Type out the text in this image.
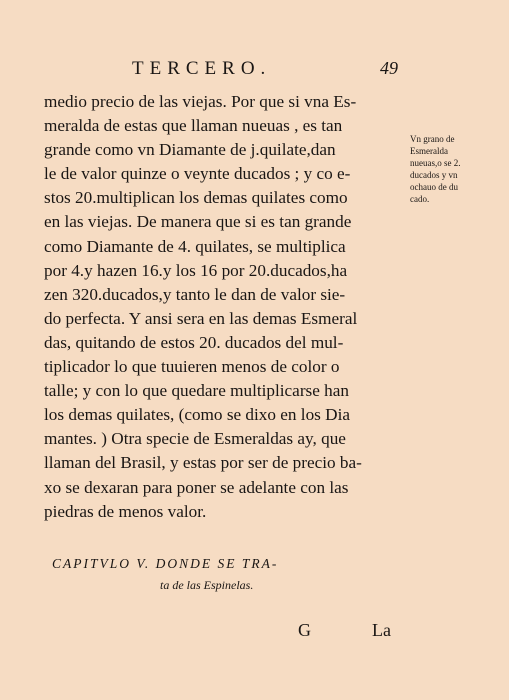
TERCERO.	49
medio precio de las viejas. Por que si vna Es-
meralda de estas que llaman nueuas , es tan
grande como vn Diamante de j.quilate,dan
le de valor quinze o veynte ducados ; y co e-
stos 20.multiplican los demas quilates como
en las viejas. De manera que si es tan grande
como Diamante de 4. quilates, se multiplica
por 4.y hazen 16.y los 16 por 20.ducados,ha
zen 320.ducados,y tanto le dan de valor sie-
do perfecta. Y ansi sera en las demas Esmeral
das, quitando de estos 20. ducados del mul-
tiplicador lo que tuuieren menos de color o
talle; y con lo que quedare multiplicarse han
los demas quilates, (como se dixo en los Dia
mantes. ) Otra specie de Esmeraldas ay, que
llaman del Brasil, y estas por ser de precio ba-
xo se dexaran para poner se adelante con las
piedras de menos valor.
Vn grano de
Esmeralda
nueuas,o se 2.
ducados y vn
ochauo de du
cado.
CAPITVLO V. DONDE SE TRA-
ta de las Espinelas.
G	La
